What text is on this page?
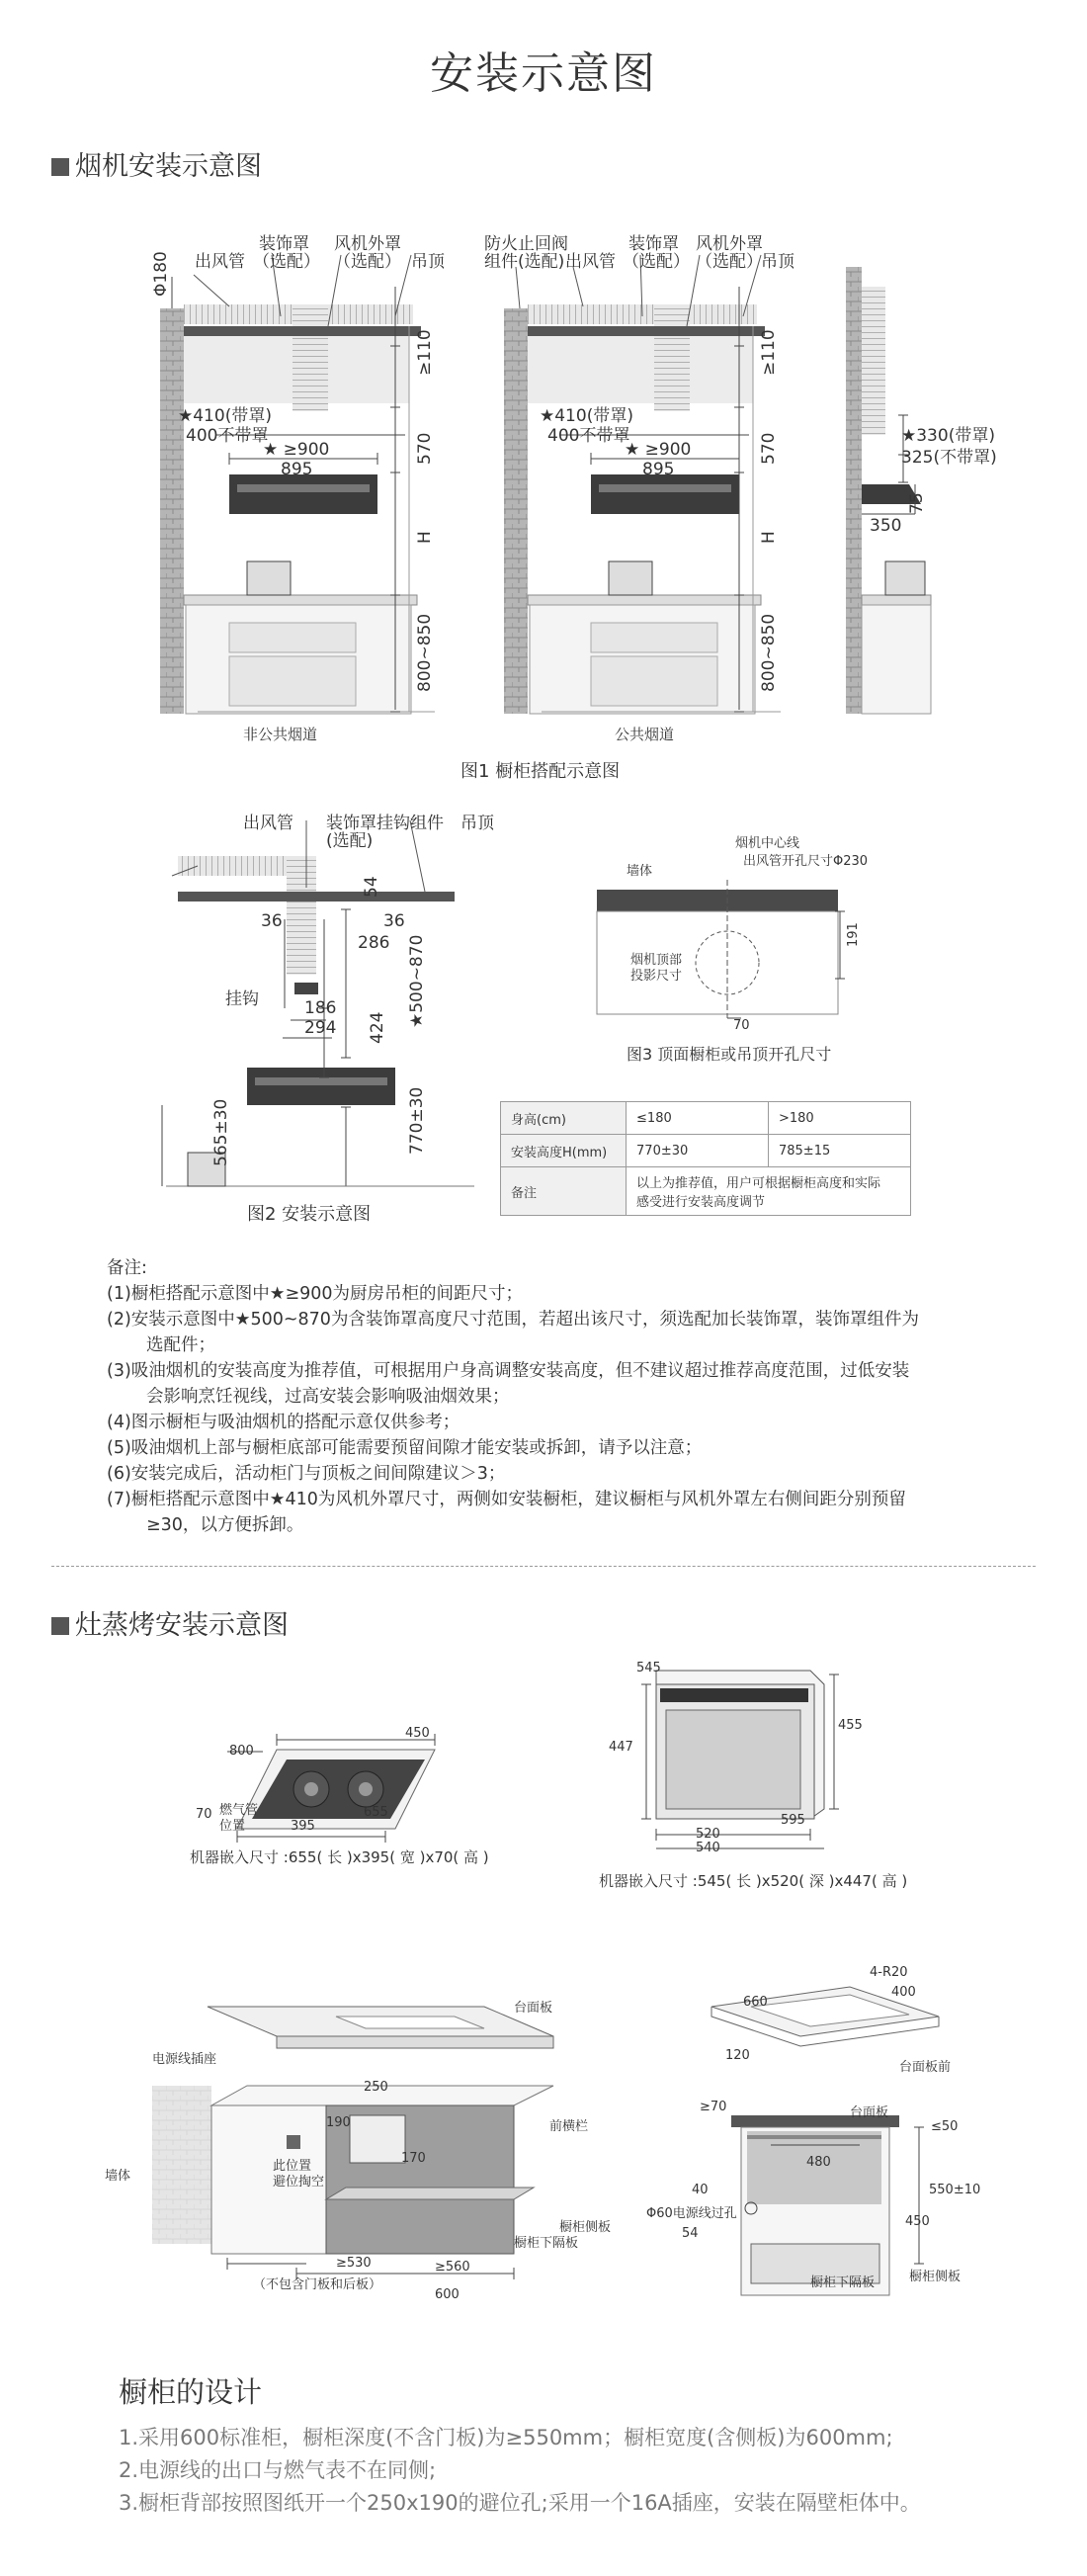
安装示意图
烟机安装示意图
出风管
装饰罩
（选配）
风机外罩
（选配） 吊顶
Φ180
≥110
★410(带罩)
400不带罩
★ ≥900
895
570
H
800~850
非公共烟道
防火止回阀
组件(选配) 出风管
装饰罩
（选配）
风机外罩
（选配）
吊顶
≥110
★410(带罩)
400不带罩
★ ≥900
895
570
H
800~850
公共烟道
★330(带罩)
325(不带罩)
75
350
图1 橱柜搭配示意图
出风管 装饰罩挂钩组件
(选配)
吊顶
挂钩
54
36	36
286
186
294 424 ★500~870
770±30
565±30
图2 安装示意图
墙体
烟机中心线
出风管开孔尺寸Φ230
烟机顶部
投影尺寸
191
70
图3 顶面橱柜或吊顶开孔尺寸
身高(cm)	≤180	>180
安装高度H(mm)	770±30	785±15
备注	以上为推荐值，用户可根据橱柜高度和实际
感受进行安装高度调节	
备注:
(1)橱柜搭配示意图中★≥900为厨房吊柜的间距尺寸；
(2)安装示意图中★500~870为含装饰罩高度尺寸范围，若超出该尺寸，须选配加长装饰罩，装饰罩组件为
选配件；
(3)吸油烟机的安装高度为推荐值，可根据用户身高调整安装高度，但不建议超过推荐高度范围，过低安装
会影响烹饪视线，过高安装会影响吸油烟效果；
(4)图示橱柜与吸油烟机的搭配示意仅供参考；
(5)吸油烟机上部与橱柜底部可能需要预留间隙才能安装或拆卸，请予以注意；
(6)安装完成后，活动柜门与顶板之间间隙建议＞3；
(7)橱柜搭配示意图中★410为风机外罩尺寸，两侧如安装橱柜，建议橱柜与风机外罩左右侧间距分别预留
≥30，以方便拆卸。
灶蒸烤安装示意图
450
800
燃气管
位置
70
395
655
机器嵌入尺寸 :655( 长 )x395( 宽 )x70( 高 )
545
447
455
520
540
595
机器嵌入尺寸 :545( 长 )x520( 深 )x447( 高 )
台面板
电源线插座
前横栏
墙体
此位置
避位掏空
橱柜下隔板
橱柜侧板
（不包含门板和后板）
250
190
170
≥530	≥560
600
660
4-R20
400
120
台面板前
台面板
≥70
≤50
480
40
Φ60电源线过孔
550±10
450
54
橱柜下隔板	橱柜侧板
橱柜的设计
1.采用600标准柜，橱柜深度(不含门板)为≥550mm；橱柜宽度(含侧板)为600mm;
2.电源线的出口与燃气表不在同侧;
3.橱柜背部按照图纸开一个250x190的避位孔;采用一个16A插座，安装在隔壁柜体中。
